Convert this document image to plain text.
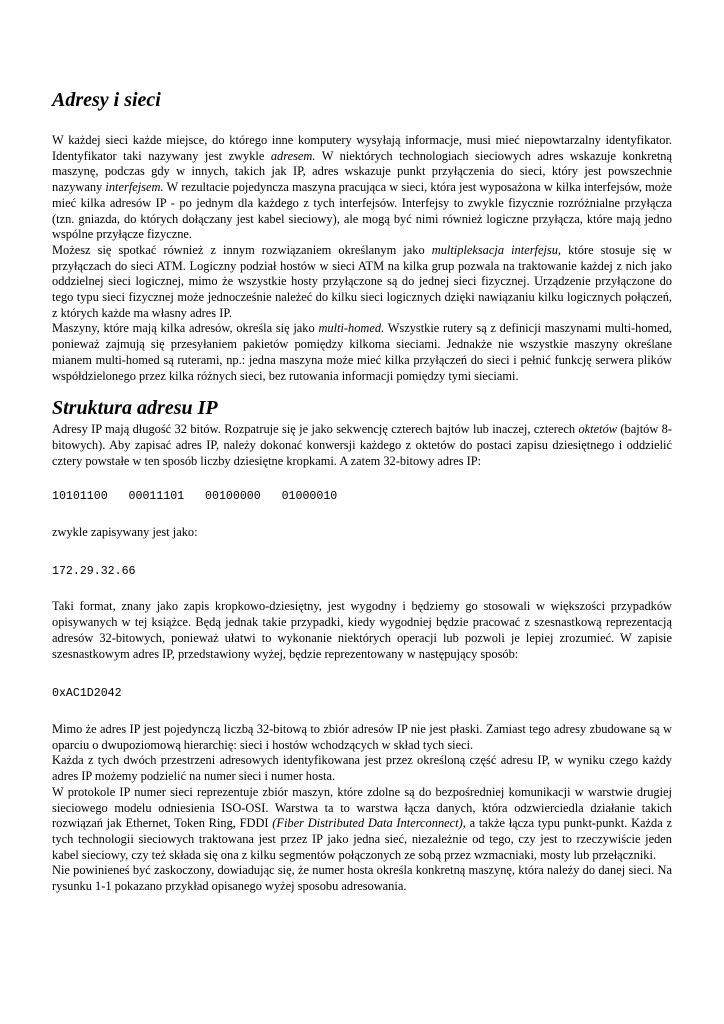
Adresy i sieci

W każdej sieci każde miejsce, do którego inne komputery wysyłają informacje, musi mieć niepowtarzalny identyfikator. Identyfikator taki nazywany jest zwykle adresem. W niektórych technologiach sieciowych adres wskazuje konkretną maszynę, podczas gdy w innych, takich jak IP, adres wskazuje punkt przyłączenia do sieci, który jest powszechnie nazywany interfejsem. W rezultacie pojedyncza maszyna pracująca w sieci, która jest wyposażona w kilka interfejsów, może mieć kilka adresów IP - po jednym dla każdego z tych interfejsów. Interfejsy to zwykle fizycznie rozróżnialne przyłącza (tzn. gniazda, do których dołączany jest kabel sieciowy), ale mogą być nimi również logiczne przyłącza, które mają jedno wspólne przyłącze fizyczne.

Możesz się spotkać również z innym rozwiązaniem określanym jako multipleksacja interfejsu, które stosuje się w przyłączach do sieci ATM. Logiczny podział hostów w sieci ATM na kilka grup pozwala na traktowanie każdej z nich jako oddzielnej sieci logicznej, mimo że wszystkie hosty przyłączone są do jednej sieci fizycznej. Urządzenie przyłączone do tego typu sieci fizycznej może jednocześnie należeć do kilku sieci logicznych dzięki nawiązaniu kilku logicznych połączeń, z których każde ma własny adres IP.

Maszyny, które mają kilka adresów, określa się jako multi-homed. Wszystkie rutery są z definicji maszynami multi-homed, ponieważ zajmują się przesyłaniem pakietów pomiędzy kilkoma sieciami. Jednakże nie wszystkie maszyny określane mianem multi-homed są ruterami, np.: jedna maszyna może mieć kilka przyłączeń do sieci i pełnić funkcję serwera plików współdzielonego przez kilka różnych sieci, bez rutowania informacji pomiędzy tymi sieciami.

Struktura adresu IP

Adresy IP mają długość 32 bitów. Rozpatruje się je jako sekwencję czterech bajtów lub inaczej, czterech oktetów (bajtów 8-bitowych). Aby zapisać adres IP, należy dokonać konwersji każdego z oktetów do postaci zapisu dziesiętnego i oddzielić cztery powstałe w ten sposób liczby dziesiętne kropkami. A zatem 32-bitowy adres IP:

10101100   00011101   00100000   01000010

zwykle zapisywany jest jako:

172.29.32.66

Taki format, znany jako zapis kropkowo-dziesiętny, jest wygodny i będziemy go stosowali w większości przypadków opisywanych w tej książce. Będą jednak takie przypadki, kiedy wygodniej będzie pracować z szesnastkową reprezentacją adresów 32-bitowych, ponieważ ułatwi to wykonanie niektórych operacji lub pozwoli je lepiej zrozumieć. W zapisie szesnastkowym adres IP, przedstawiony wyżej, będzie reprezentowany w następujący sposób:

0xAC1D2042

Mimo że adres IP jest pojedynczą liczbą 32-bitową to zbiór adresów IP nie jest płaski. Zamiast tego adresy zbudowane są w oparciu o dwupoziomową hierarchię: sieci i hostów wchodzących w skład tych sieci.

Każda z tych dwóch przestrzeni adresowych identyfikowana jest przez określoną część adresu IP, w wyniku czego każdy adres IP możemy podzielić na numer sieci i numer hosta.

W protokole IP numer sieci reprezentuje zbiór maszyn, które zdolne są do bezpośredniej komunikacji w warstwie drugiej sieciowego modelu odniesienia ISO-OSI. Warstwa ta to warstwa łącza danych, która odzwierciedla działanie takich rozwiązań jak Ethernet, Token Ring, FDDI (Fiber Distributed Data Interconnect), a także łącza typu punkt-punkt. Każda z tych technologii sieciowych traktowana jest przez IP jako jedna sieć, niezależnie od tego, czy jest to rzeczywiście jeden kabel sieciowy, czy też składa się ona z kilku segmentów połączonych ze sobą przez wzmacniaki, mosty lub przełączniki.

Nie powinieneś być zaskoczony, dowiadując się, że numer hosta określa konkretną maszynę, która należy do danej sieci. Na rysunku 1-1 pokazano przykład opisanego wyżej sposobu adresowania.
